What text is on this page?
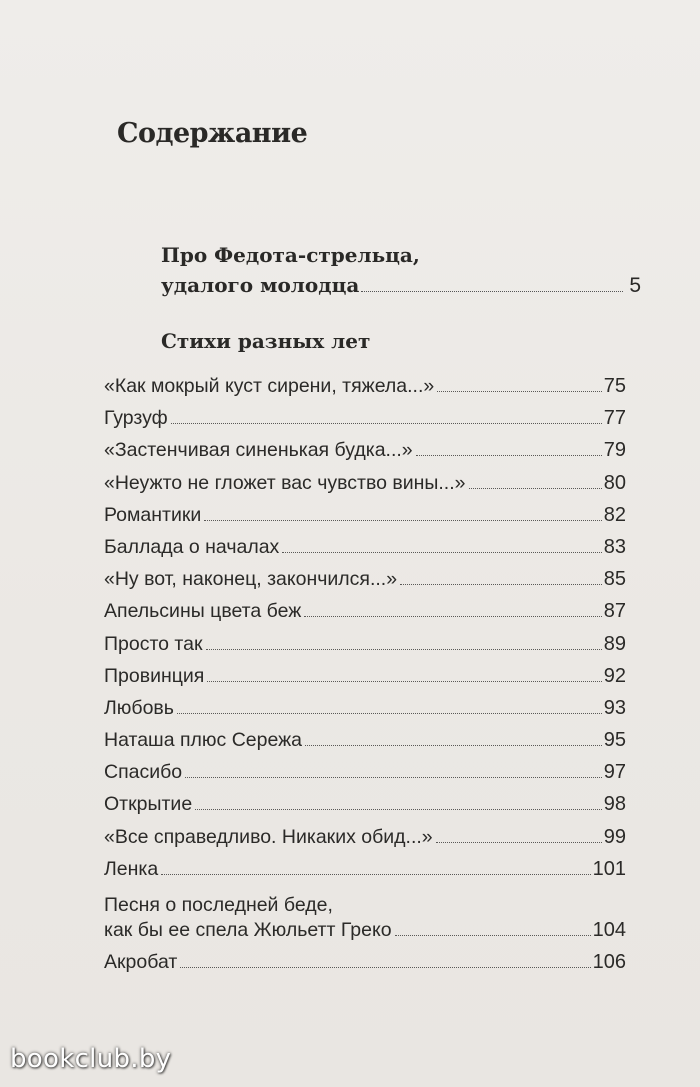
Содержание
Про Федота-стрельца,
удалого молодца	5
Стихи разных лет
«Как мокрый куст сирени, тяжела...»	75
Гурзуф	77
«Застенчивая синенькая будка...»	79
«Неужто не гложет вас чувство вины...»	80
Романтики	82
Баллада о началах	83
«Ну вот, наконец, закончился...»	85
Апельсины цвета беж	87
Просто так	89
Провинция	92
Любовь	93
Наташа плюс Сережа	95
Спасибо	97
Открытие	98
«Все справедливо. Никаких обид...»	99
Ленка	101
Песня о последней беде,
как бы ее спела Жюльетт Греко	104
Акробат	106
bookclub.by
